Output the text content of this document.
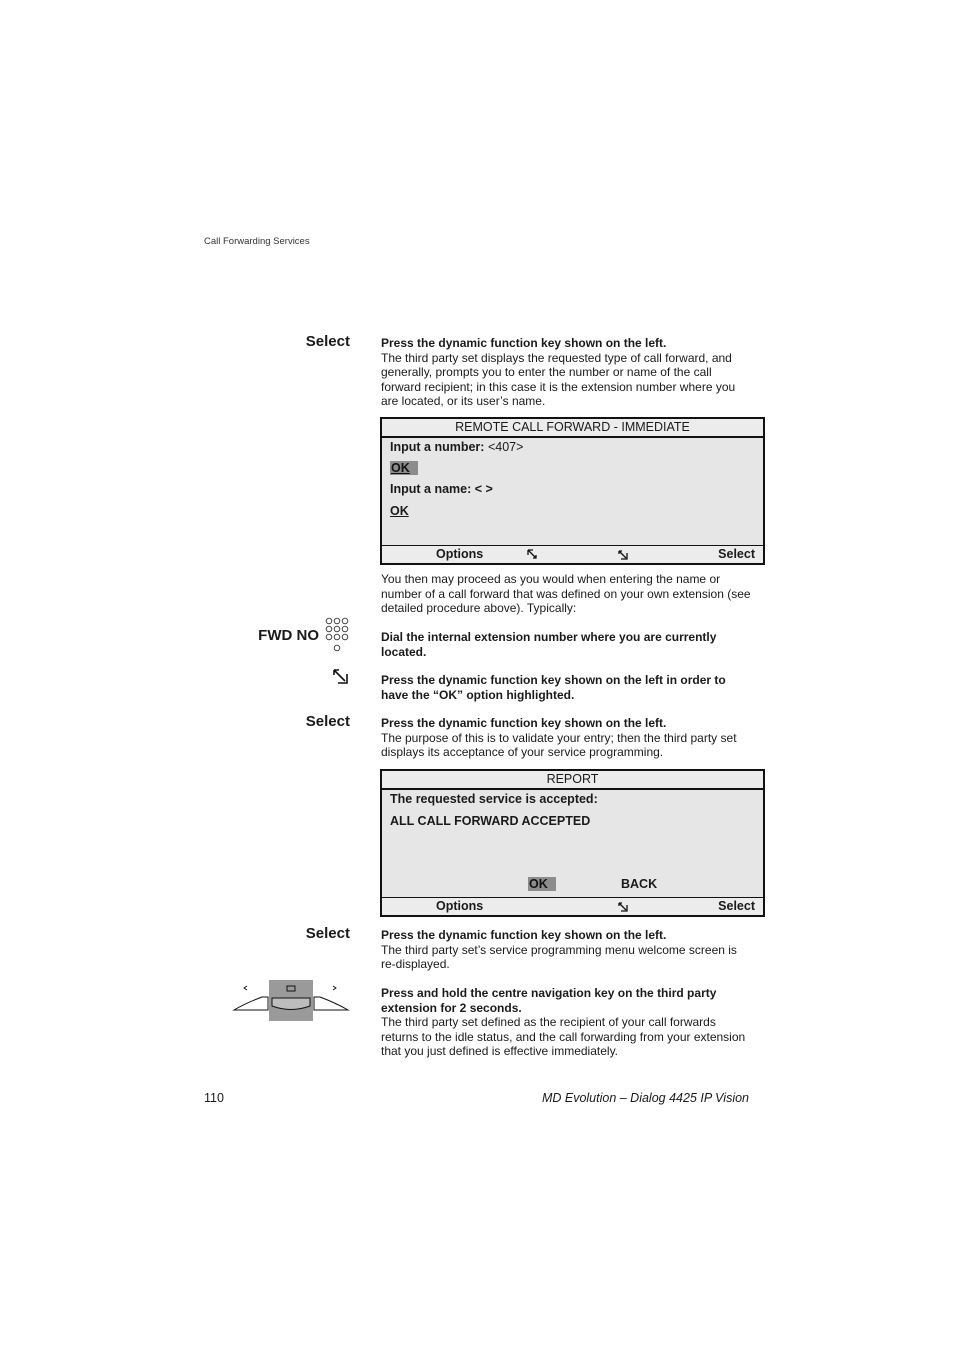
Call Forwarding Services
Select	Press the dynamic function key shown on the left.
The third party set displays the requested type of call forward, and generally, prompts you to enter the number or name of the call forward recipient; in this case it is the extension number where you are located, or its user’s name.
REMOTE CALL FORWARD - IMMEDIATE
Input a number: <407>
OK
Input a name: < >
OK
Options	Select
You then may proceed as you would when entering the name or number of a call forward that was defined on your own extension (see detailed procedure above). Typically:
FWD NO	Dial the internal extension number where you are currently located.
Press the dynamic function key shown on the left in order to have the “OK” option highlighted.
Select	Press the dynamic function key shown on the left.
The purpose of this is to validate your entry; then the third party set displays its acceptance of your service programming.
REPORT
The requested service is accepted:
ALL CALL FORWARD ACCEPTED
OK	BACK
Options	Select
Select	Press the dynamic function key shown on the left.
The third party set’s service programming menu welcome screen is re-displayed.
Press and hold the centre navigation key on the third party extension for 2 seconds.
The third party set defined as the recipient of your call forwards returns to the idle status, and the call forwarding from your extension that you just defined is effective immediately.
110	MD Evolution – Dialog 4425 IP Vision
